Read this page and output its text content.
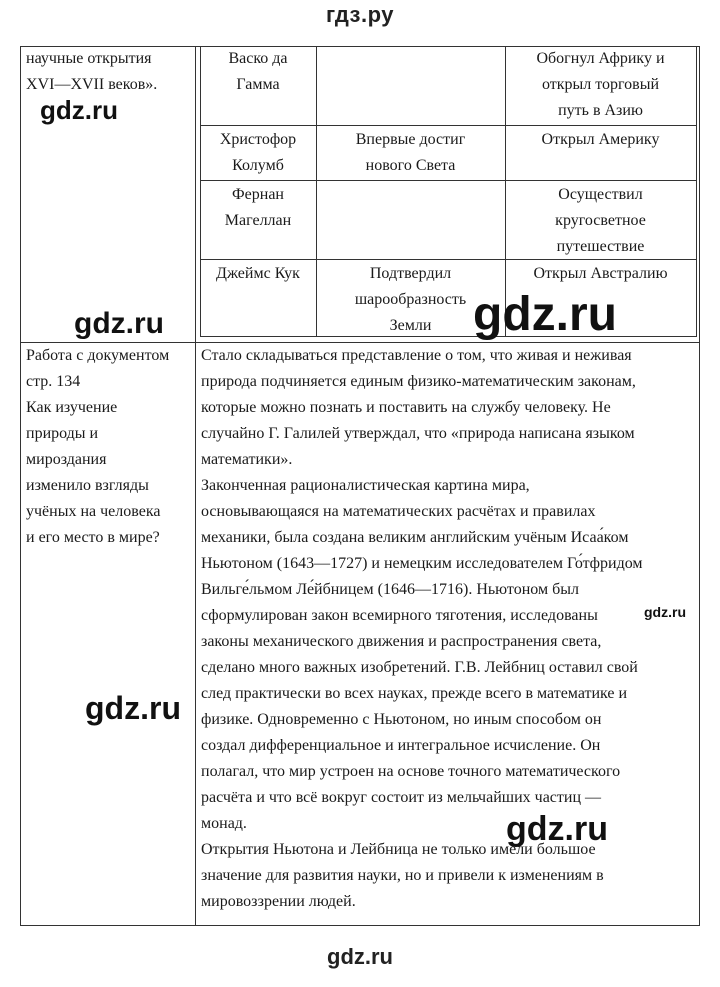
гдз.ру
научные открытия
XVI—XVII веков».
Васко да
Гамма
Обогнул Африку и
открыл торговый
путь в Азию
Христофор
Колумб
Впервые достиг
нового Света
Открыл Америку
Фернан
Магеллан
Осуществил
кругосветное
путешествие
Джеймс Кук	Подтвердил
шарообразность
Земли
Открыл Австралию
Работа с документом
стр. 134
Как изучение
природы и
мироздания
изменило взгляды
учёных на человека
и его место в мире?
Стало складываться представление о том, что живая и неживая
природа подчиняется единым физико-математическим законам,
которые можно познать и поставить на службу человеку. Не
случайно Г. Галилей утверждал, что «природа написана языком
математики».
Законченная рационалистическая картина мира,
основывающаяся на математических расчётах и правилах
механики, была создана великим английским учёным Исаа́ком
Ньютоном (1643—1727) и немецким исследователем Го́тфридом
Вильге́льмом Ле́йбницем (1646—1716). Ньютоном был
сформулирован закон всемирного тяготения, исследованы
законы механического движения и распространения света,
сделано много важных изобретений. Г.В. Лейбниц оставил свой
след практически во всех науках, прежде всего в математике и
физике. Одновременно с Ньютоном, но иным способом он
создал дифференциальное и интегральное исчисление. Он
полагал, что мир устроен на основе точного математического
расчёта и что всё вокруг состоит из мельчайших частиц —
монад.
Открытия Ньютона и Лейбница не только имели большое
значение для развития науки, но и привели к изменениям в
мировоззрении людей.
gdz.ru
gdz.ru	gdz.ru
gdz.ru
gdz.ru
gdz.ru
gdz.ru
